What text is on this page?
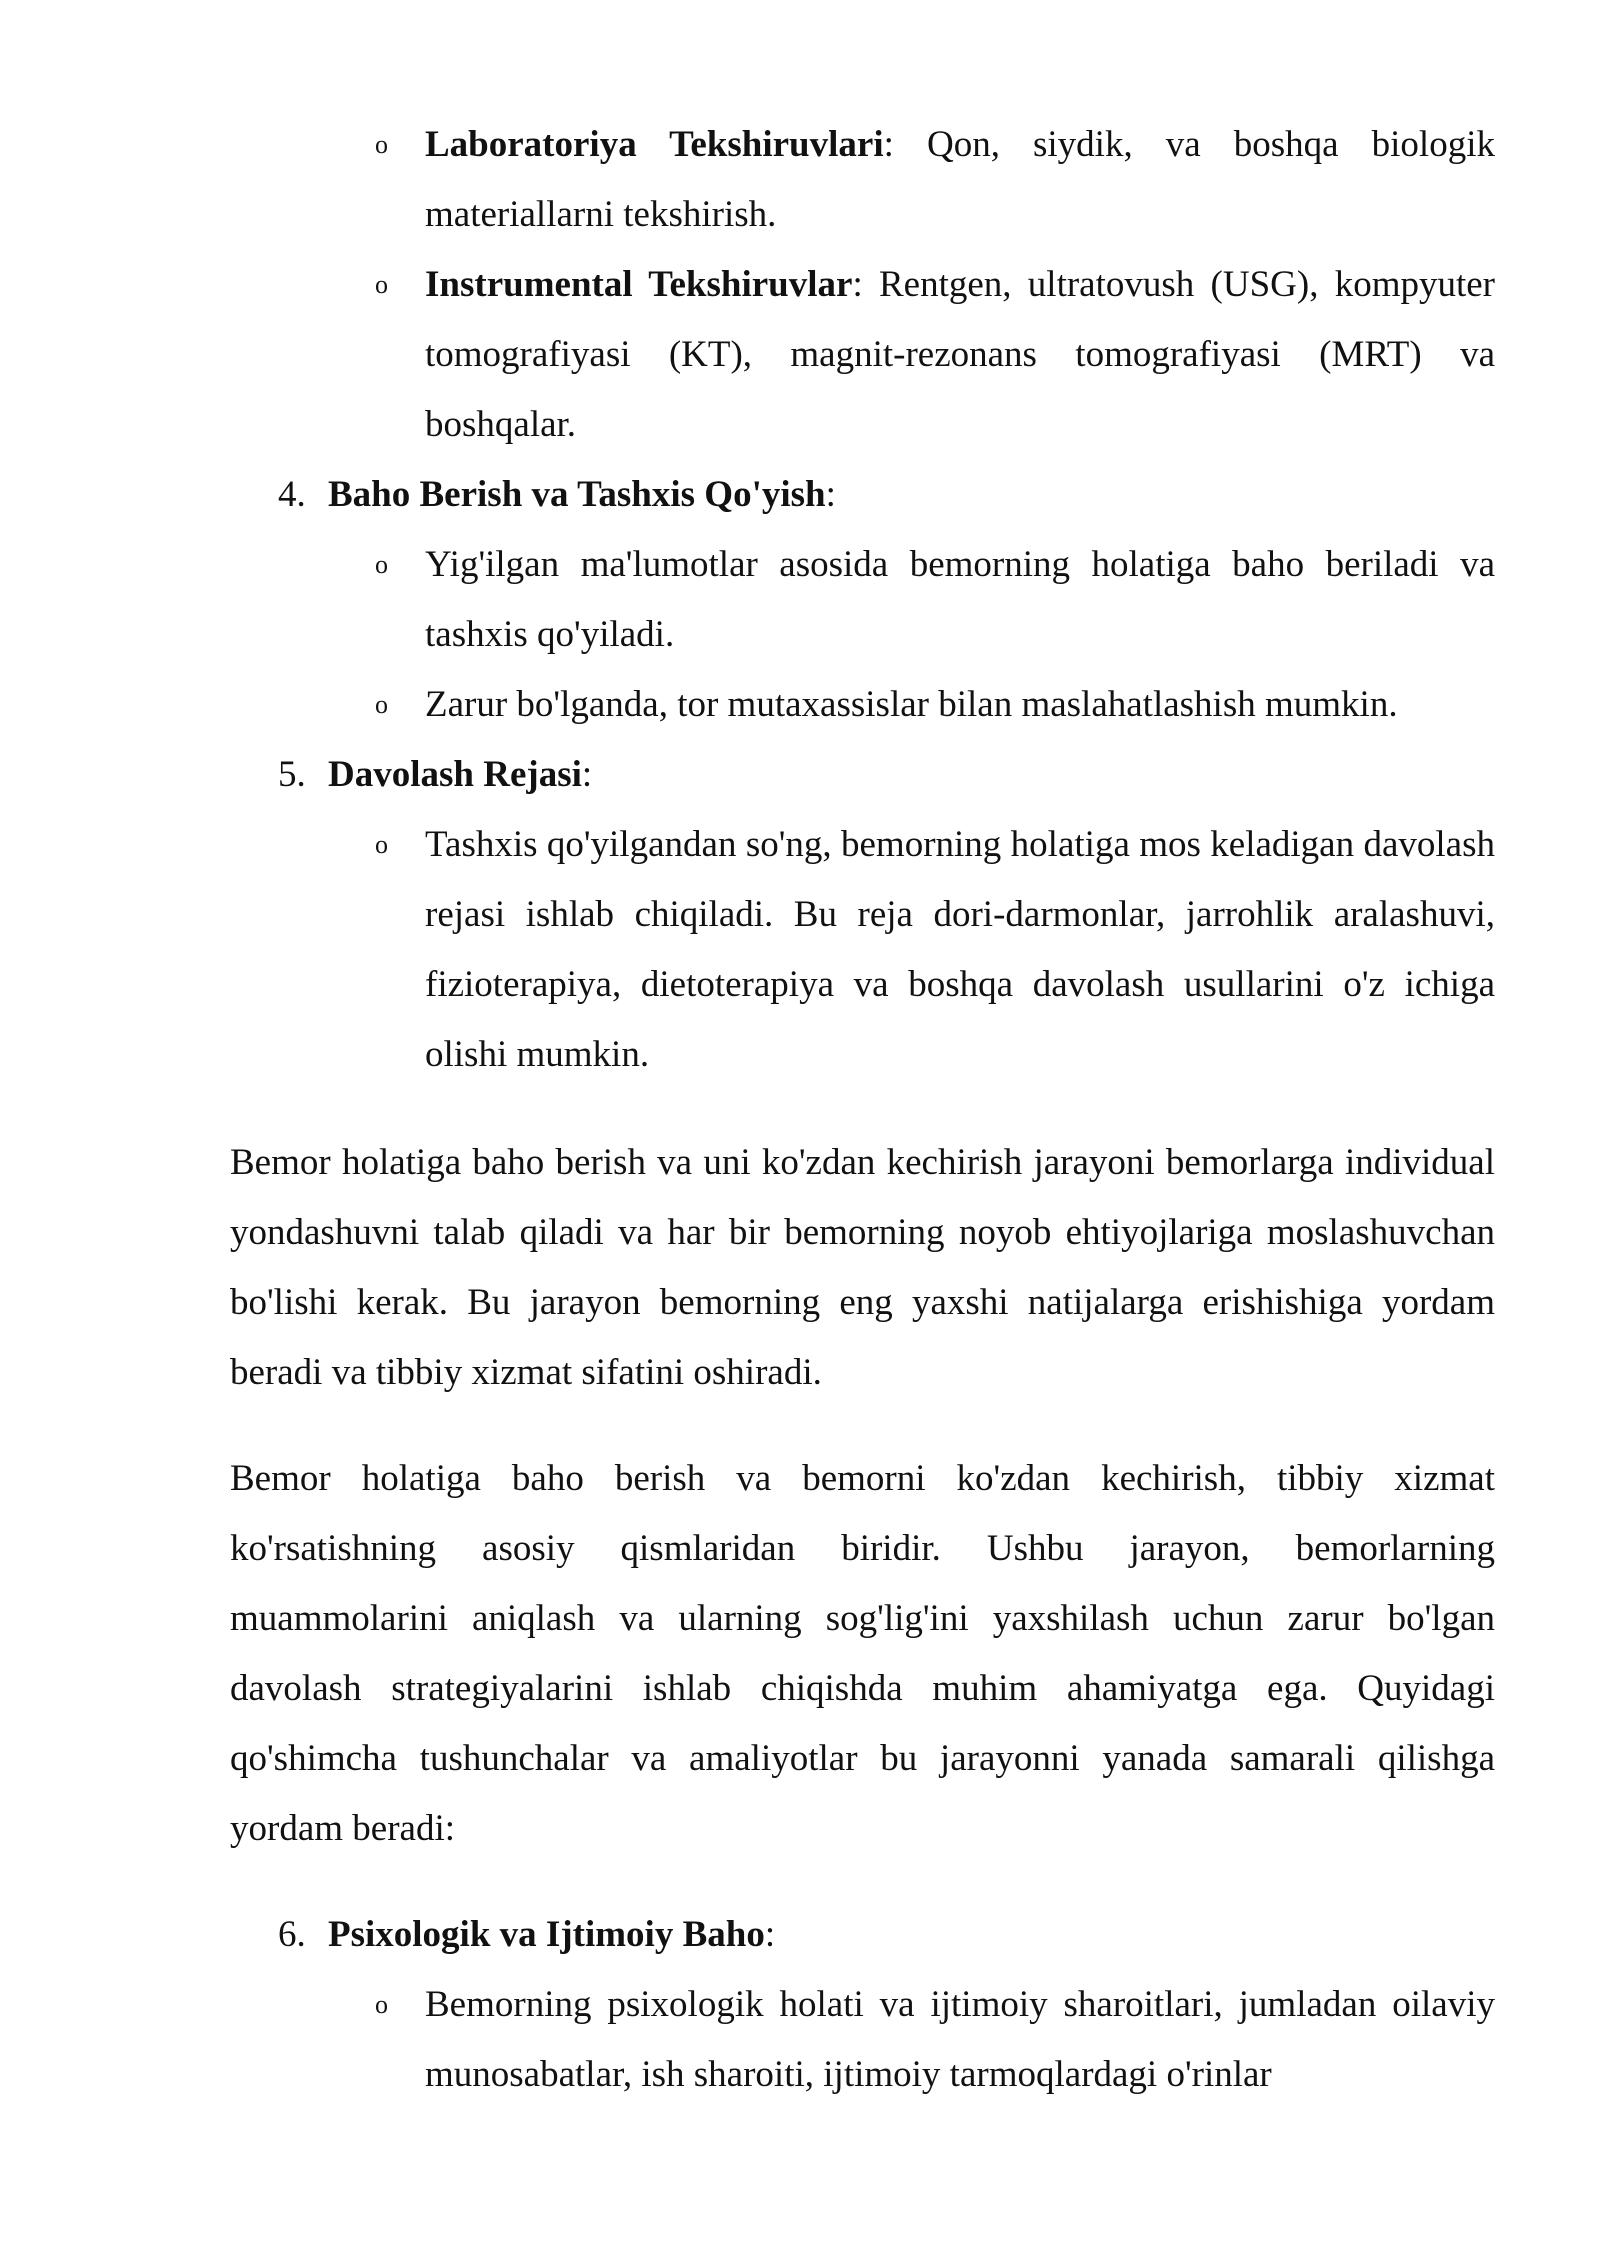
o Laboratoriya Tekshiruvlari: Qon, siydik, va boshqa biologik materiallarni tekshirish.
o Instrumental Tekshiruvlar: Rentgen, ultratovush (USG), kompyuter tomografiyasi (KT), magnit-rezonans tomografiyasi (MRT) va boshqalar.
4. Baho Berish va Tashxis Qo'yish:
o Yig'ilgan ma'lumotlar asosida bemorning holatiga baho beriladi va tashxis qo'yiladi.
o Zarur bo'lganda, tor mutaxassislar bilan maslahatlashish mumkin.
5. Davolash Rejasi:
o Tashxis qo'yilgandan so'ng, bemorning holatiga mos keladigan davolash rejasi ishlab chiqiladi. Bu reja dori-darmonlar, jarrohlik aralashuvi, fizioterapiya, dietoterapiya va boshqa davolash usullarini o'z ichiga olishi mumkin.

Bemor holatiga baho berish va uni ko'zdan kechirish jarayoni bemorlarga individual yondashuvni talab qiladi va har bir bemorning noyob ehtiyojlariga moslashuvchan bo'lishi kerak. Bu jarayon bemorning eng yaxshi natijalarga erishishiga yordam beradi va tibbiy xizmat sifatini oshiradi.

Bemor holatiga baho berish va bemorni ko'zdan kechirish, tibbiy xizmat ko'rsatishning asosiy qismlaridan biridir. Ushbu jarayon, bemorlarning muammolarini aniqlash va ularning sog'lig'ini yaxshilash uchun zarur bo'lgan davolash strategiyalarini ishlab chiqishda muhim ahamiyatga ega. Quyidagi qo'shimcha tushunchalar va amaliyotlar bu jarayonni yanada samarali qilishga yordam beradi:

6. Psixologik va Ijtimoiy Baho:
o Bemorning psixologik holati va ijtimoiy sharoitlari, jumladan oilaviy munosabatlar, ish sharoiti, ijtimoiy tarmoqlardagi o'rinlar
